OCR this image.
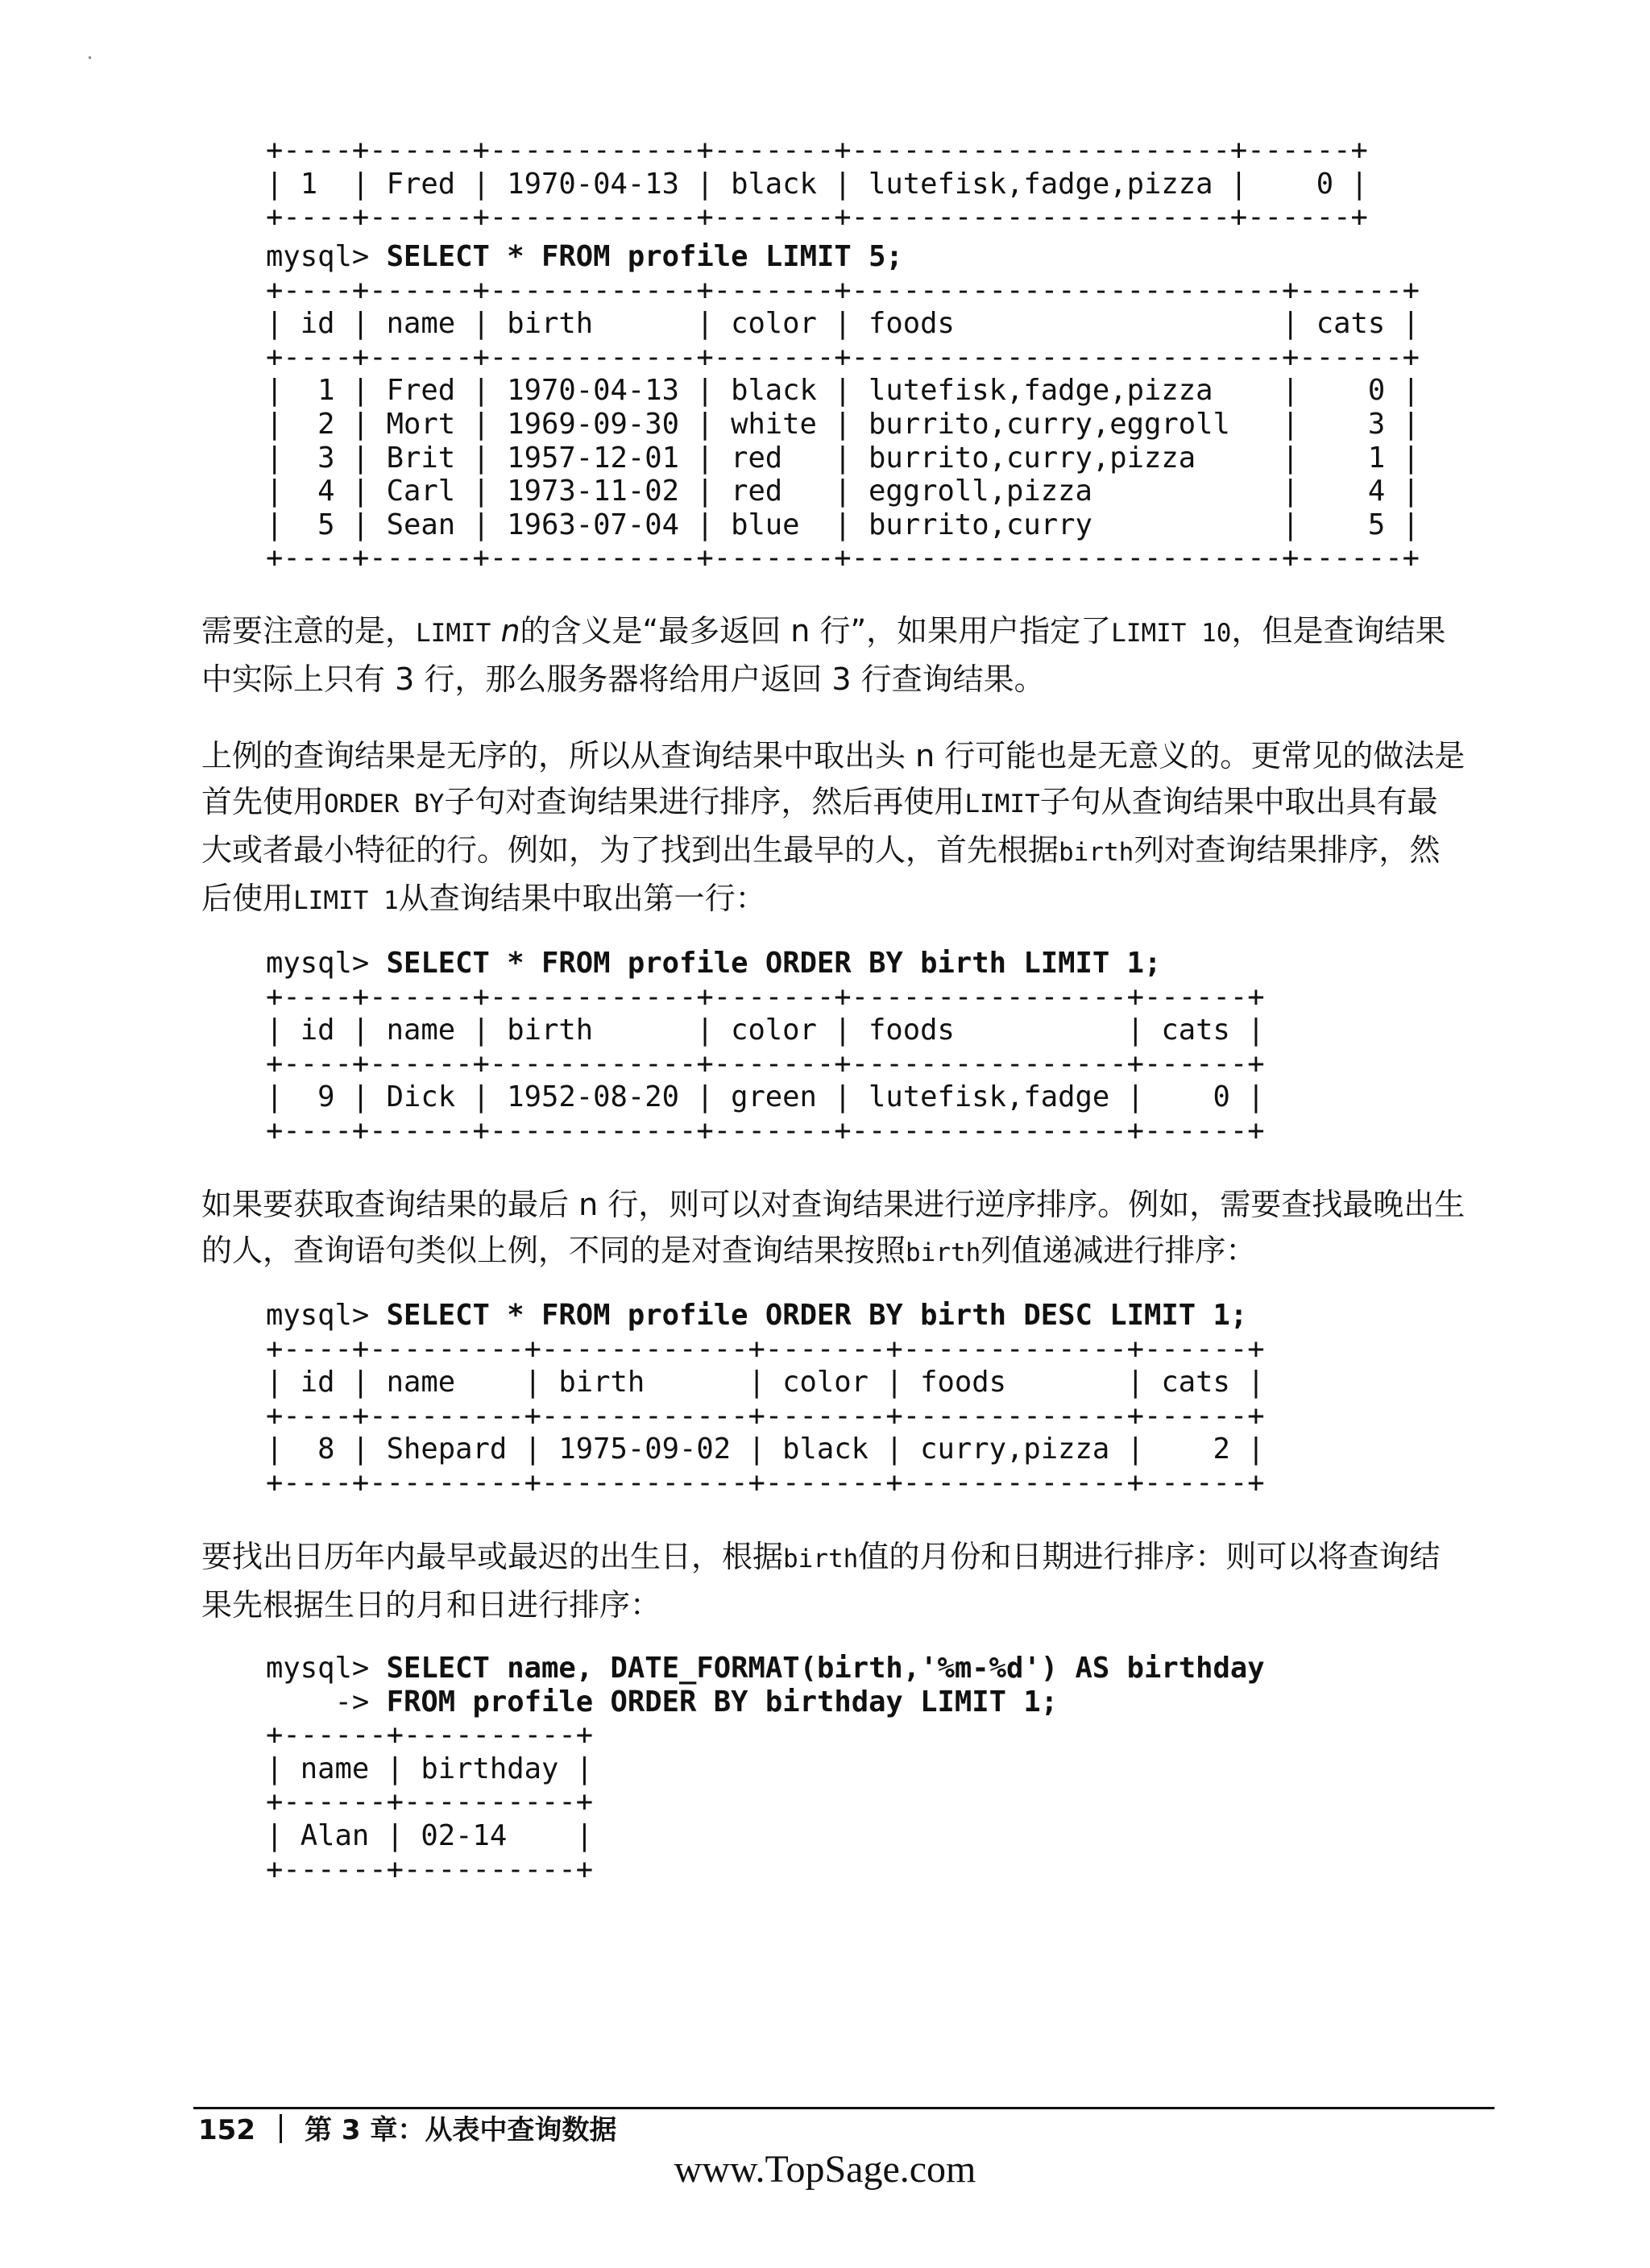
+----+------+------------+-------+----------------------+------+
| 1  | Fred | 1970-04-13 | black | lutefisk,fadge,pizza |    0 |
+----+------+------------+-------+----------------------+------+
mysql> SELECT * FROM profile LIMIT 5;
+----+------+------------+-------+-------------------------+------+
| id | name | birth      | color | foods                   | cats |
+----+------+------------+-------+-------------------------+------+
|  1 | Fred | 1970-04-13 | black | lutefisk,fadge,pizza    |    0 |
|  2 | Mort | 1969-09-30 | white | burrito,curry,eggroll   |    3 |
|  3 | Brit | 1957-12-01 | red   | burrito,curry,pizza     |    1 |
|  4 | Carl | 1973-11-02 | red   | eggroll,pizza           |    4 |
|  5 | Sean | 1963-07-04 | blue  | burrito,curry           |    5 |
+----+------+------------+-------+-------------------------+------+

需要注意的是，LIMIT n的含义是“最多返回 n 行”，如果用户指定了LIMIT 10，但是查询结果中实际上只有 3 行，那么服务器将给用户返回 3 行查询结果。

上例的查询结果是无序的，所以从查询结果中取出头 n 行可能也是无意义的。更常见的做法是首先使用ORDER BY子句对查询结果进行排序，然后再使用LIMIT子句从查询结果中取出具有最大或者最小特征的行。例如，为了找到出生最早的人，首先根据birth列对查询结果排序，然后使用LIMIT 1从查询结果中取出第一行：

mysql> SELECT * FROM profile ORDER BY birth LIMIT 1;
+----+------+------------+-------+----------------+------+
| id | name | birth      | color | foods          | cats |
+----+------+------------+-------+----------------+------+
|  9 | Dick | 1952-08-20 | green | lutefisk,fadge |    0 |
+----+------+------------+-------+----------------+------+

如果要获取查询结果的最后 n 行，则可以对查询结果进行逆序排序。例如，需要查找最晚出生的人，查询语句类似上例，不同的是对查询结果按照birth列值递减进行排序：

mysql> SELECT * FROM profile ORDER BY birth DESC LIMIT 1;
+----+---------+------------+-------+-------------+------+
| id | name    | birth      | color | foods       | cats |
+----+---------+------------+-------+-------------+------+
|  8 | Shepard | 1975-09-02 | black | curry,pizza |    2 |
+----+---------+------------+-------+-------------+------+

要找出日历年内最早或最迟的出生日，根据birth值的月份和日期进行排序：则可以将查询结果先根据生日的月和日进行排序：

mysql> SELECT name, DATE_FORMAT(birth,'%m-%d') AS birthday
-> FROM profile ORDER BY birthday LIMIT 1;
+------+----------+
| name | birthday |
+------+----------+
| Alan | 02-14    |
+------+----------+
152 第 3 章：从表中查询数据
www.TopSage.com
